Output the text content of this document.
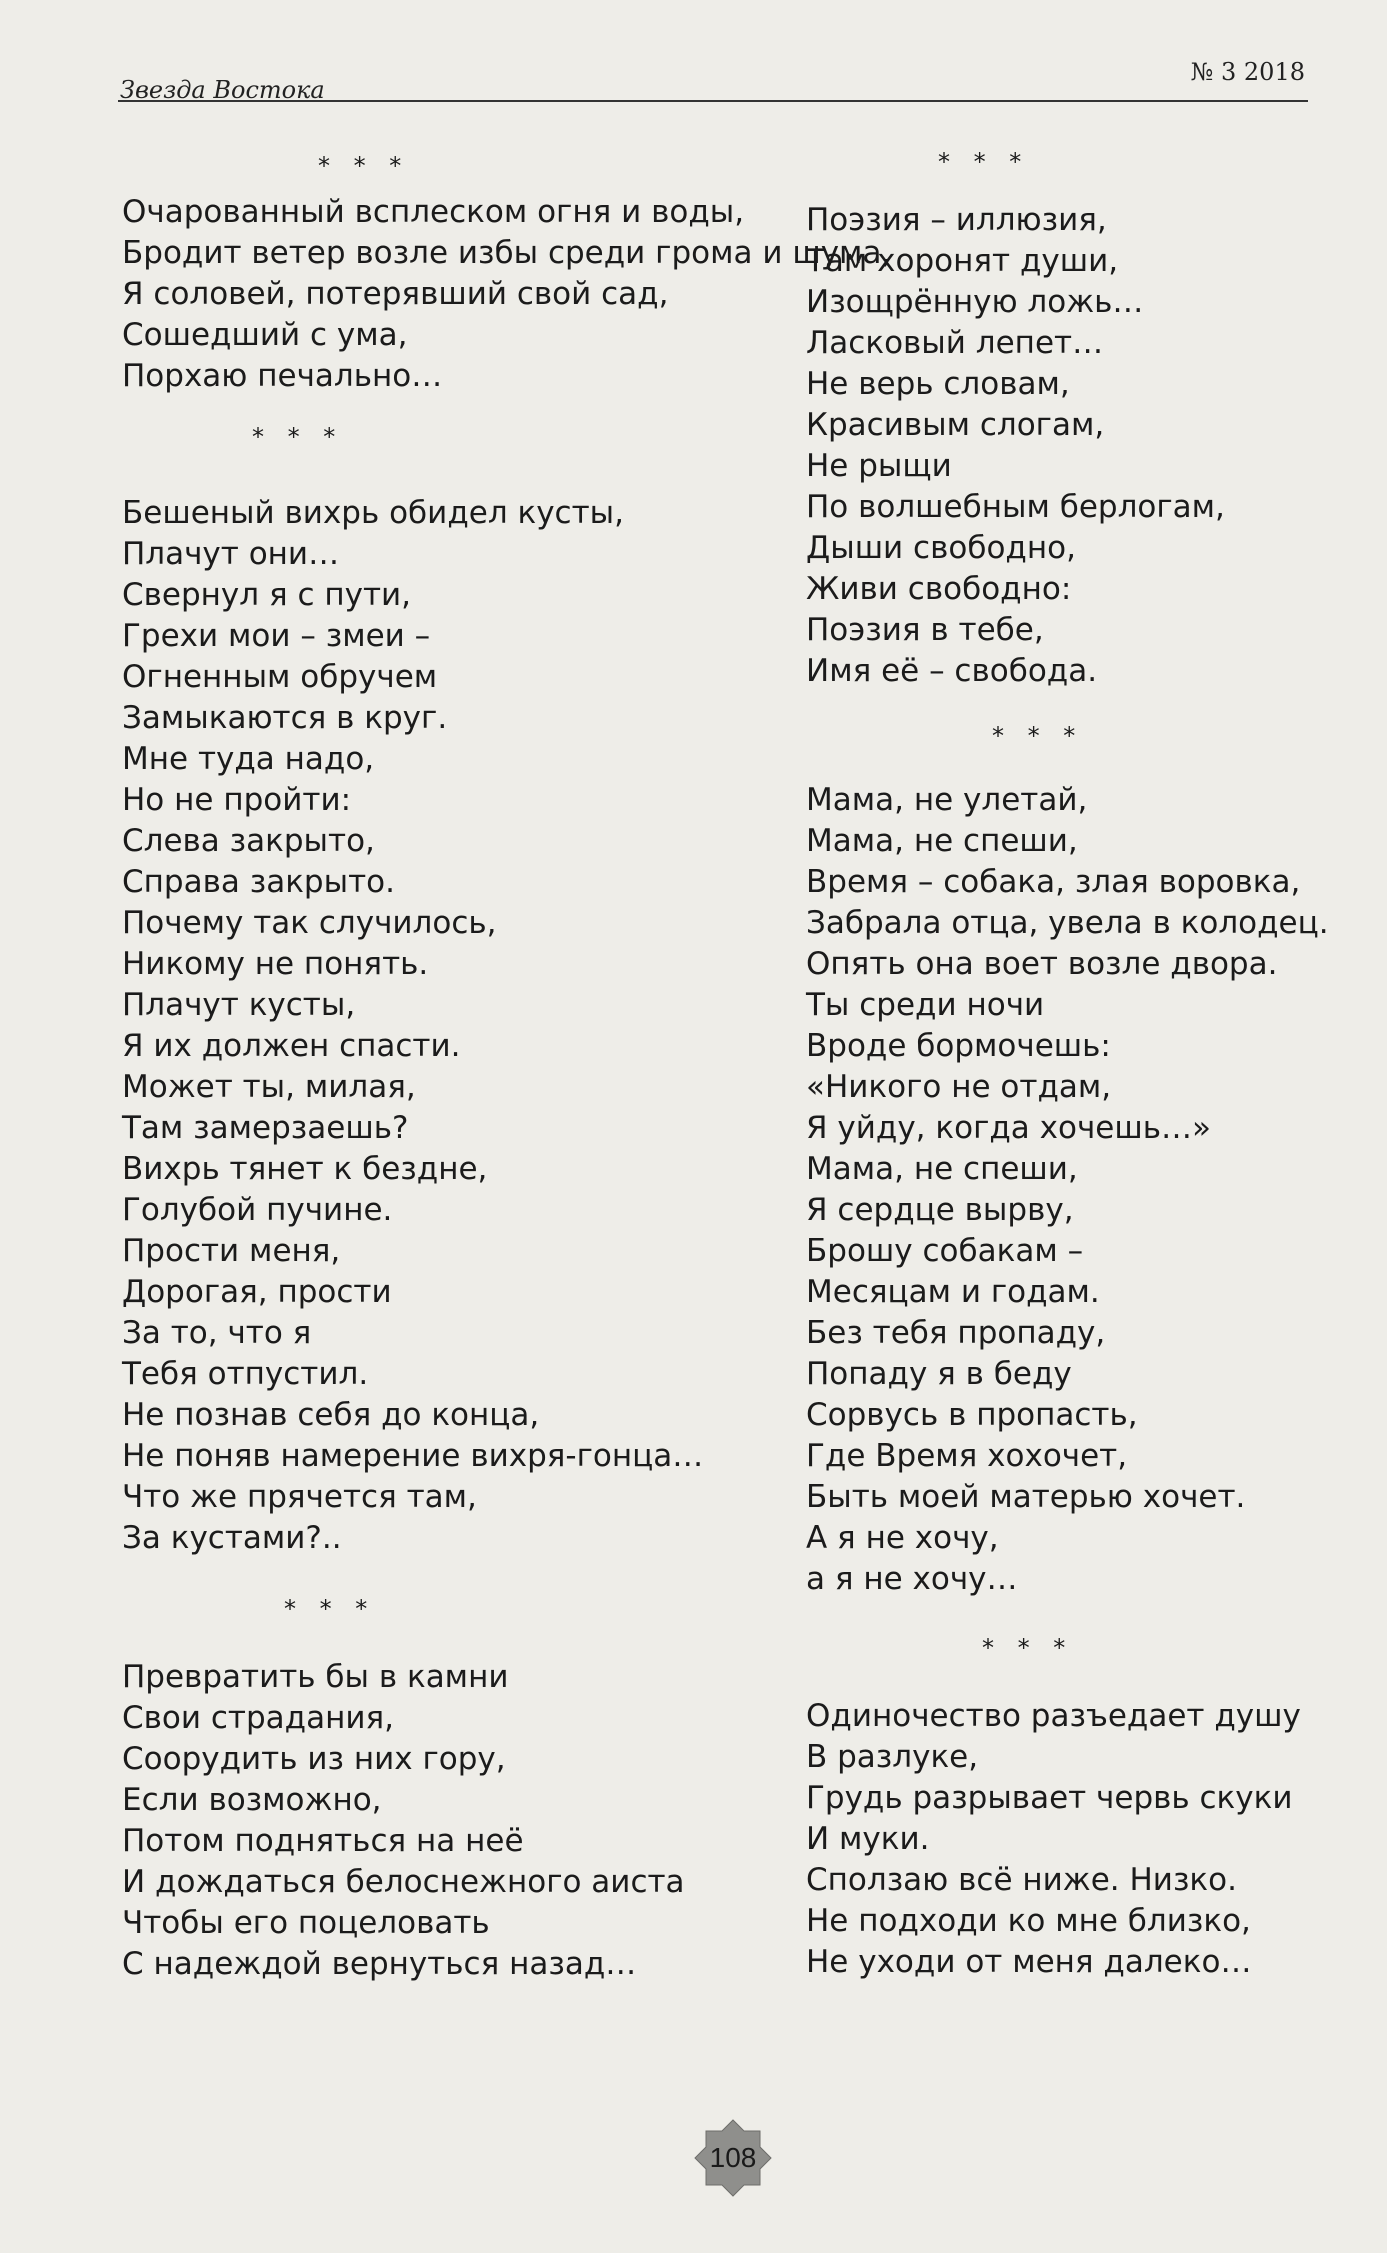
Звезда Востока
№ 3 2018
* * *
Очарованный всплеском огня и воды,
Бродит ветер возле избы среди грома и шума,
Я соловей, потерявший свой сад,
Сошедший с ума,
Порхаю печально…
* * *
Бешеный вихрь обидел кусты,
Плачут они…
Свернул я с пути,
Грехи мои – змеи –
Огненным обручем
Замыкаются в круг.
Мне туда надо,
Но не пройти:
Слева закрыто,
Справа закрыто.
Почему так случилось,
Никому не понять.
Плачут кусты,
Я их должен спасти.
Может ты, милая,
Там замерзаешь?
Вихрь тянет к бездне,
Голубой пучине.
Прости меня,
Дорогая, прости
За то, что я
Тебя отпустил.
Не познав себя до конца,
Не поняв намерение вихря-гонца…
Что же прячется там,
За кустами?..
* * *
Превратить бы в камни
Свои страдания,
Соорудить из них гору,
Если возможно,
Потом подняться на неё
И дождаться белоснежного аиста
Чтобы его поцеловать
С надеждой вернуться назад…
* * *
Поэзия – иллюзия,
Там хоронят души,
Изощрённую ложь…
Ласковый лепет…
Не верь словам,
Красивым слогам,
Не рыщи
По волшебным берлогам,
Дыши свободно,
Живи свободно:
Поэзия в тебе,
Имя её – свобода.
* * *
Мама, не улетай,
Мама, не спеши,
Время – собака, злая воровка,
Забрала отца, увела в колодец.
Опять она воет возле двора.
Ты среди ночи
Вроде бормочешь:
«Никого не отдам,
Я уйду, когда хочешь…»
Мама, не спеши,
Я сердце вырву,
Брошу собакам –
Месяцам и годам.
Без тебя пропаду,
Попаду я в беду
Сорвусь в пропасть,
Где Время хохочет,
Быть моей матерью хочет.
А я не хочу,
а я не хочу…
* * *
Одиночество разъедает душу
В разлуке,
Грудь разрывает червь скуки
И муки.
Сползаю всё ниже. Низко.
Не подходи ко мне близко,
Не уходи от меня далеко…
108
